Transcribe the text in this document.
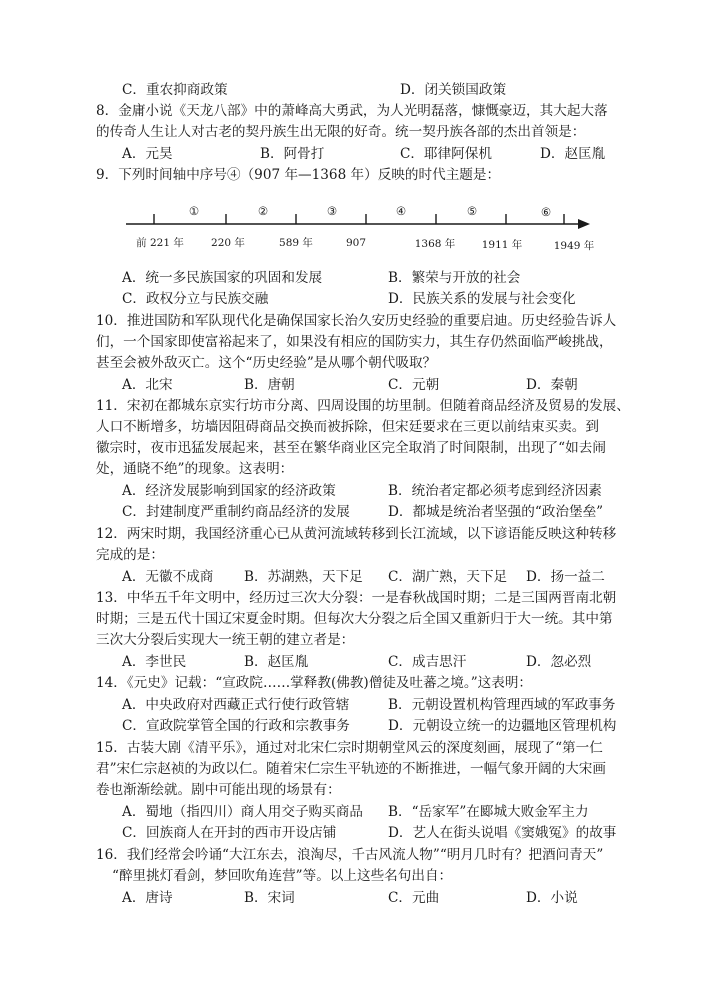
C．重农抑商政策	D．闭关锁国政策
8．金庸小说《天龙八部》中的萧峰高大勇武，为人光明磊落，慷慨豪迈，其大起大落
的传奇人生让人对古老的契丹族生出无限的好奇。统一契丹族各部的杰出首领是：
A．元昊	B．阿骨打	C．耶律阿保机	D．赵匡胤
9．下列时间轴中序号④（907 年—1368 年）反映的时代主题是：
①	②	③	④	⑤	⑥
前 221 年	220 年	589 年	907	1368 年	1911 年	1949 年
A．统一多民族国家的巩固和发展	B．繁荣与开放的社会
C．政权分立与民族交融	D．民族关系的发展与社会变化
10．推进国防和军队现代化是确保国家长治久安历史经验的重要启迪。历史经验告诉人
们，一个国家即使富裕起来了，如果没有相应的国防实力，其生存仍然面临严峻挑战，
甚至会被外敌灭亡。这个“历史经验”是从哪个朝代吸取？
A．北宋	B．唐朝	C．元朝	D．秦朝
11．宋初在都城东京实行坊市分离、四周设围的坊里制。但随着商品经济及贸易的发展、
人口不断增多，坊墙因阻碍商品交换而被拆除，但宋廷要求在三更以前结束买卖。到
徽宗时，夜市迅猛发展起来，甚至在繁华商业区完全取消了时间限制，出现了“如去闹
处，通晓不绝”的现象。这表明：
A．经济发展影响到国家的经济政策	B．统治者定都必须考虑到经济因素
C．封建制度严重制约商品经济的发展	D．都城是统治者坚强的“政治堡垒”
12．两宋时期，我国经济重心已从黄河流域转移到长江流域，以下谚语能反映这种转移
完成的是：
A．无徽不成商 B．苏湖熟，天下足 C．湖广熟，天下足 D．扬一益二
13．中华五千年文明中，经历过三次大分裂：一是春秋战国时期；二是三国两晋南北朝
时期；三是五代十国辽宋夏金时期。但每次大分裂之后全国又重新归于大一统。其中第
三次大分裂后实现大一统王朝的建立者是：
A．李世民	B．赵匡胤	C．成吉思汗	D．忽必烈
14．《元史》记载：“宣政院……掌释教(佛教)僧徒及吐蕃之境。”这表明：
A．中央政府对西藏正式行使行政管辖	B．元朝设置机构管理西域的军政事务
C．宣政院掌管全国的行政和宗教事务	D．元朝设立统一的边疆地区管理机构
15．古装大剧《清平乐》，通过对北宋仁宗时期朝堂风云的深度刻画，展现了“第一仁
君”宋仁宗赵祯的为政以仁。随着宋仁宗生平轨迹的不断推进，一幅气象开阔的大宋画
卷也渐渐绘就。剧中可能出现的场景有：
A．蜀地（指四川）商人用交子购买商品 B．“岳家军”在郾城大败金军主力
C．回族商人在开封的西市开设店铺	D．艺人在街头说唱《窦娥冤》的故事
16．我们经常会吟诵“大江东去，浪淘尽，千古风流人物”“明月几时有？把酒问青天”
“醉里挑灯看剑，梦回吹角连营”等。以上这些名句出自：
A．唐诗	B．宋词	C．元曲	D．小说
